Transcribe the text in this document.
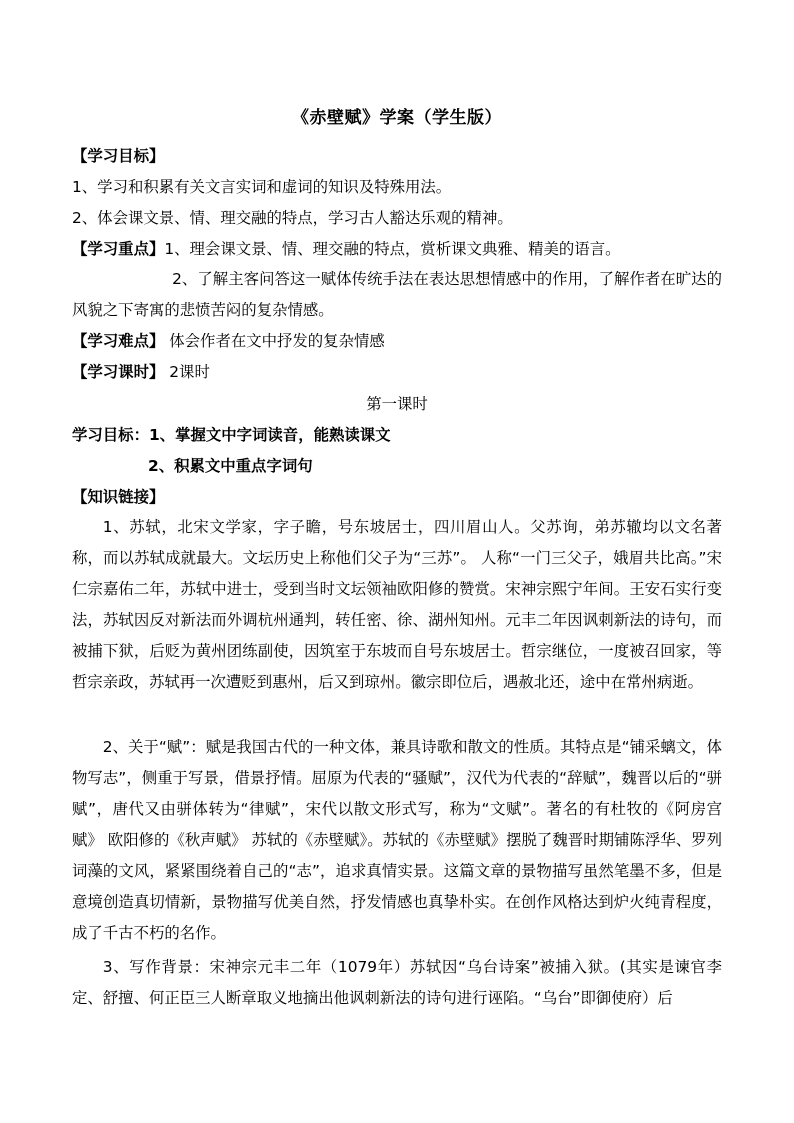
《赤壁赋》学案（学生版）
【学习目标】
1、学习和积累有关文言实词和虚词的知识及特殊用法。
2、体会课文景、情、理交融的特点，学习古人豁达乐观的精神。
【学习重点】1、理会课文景、情、理交融的特点，赏析课文典雅、精美的语言。
2、了解主客问答这一赋体传统手法在表达思想情感中的作用，了解作者在旷达的风貌之下寄寓的悲愤苦闷的复杂情感。
【学习难点】 体会作者在文中抒发的复杂情感
【学习课时】 2课时
第一课时
学习目标：1、掌握文中字词读音，能熟读课文
2、积累文中重点字词句
【知识链接】
1、苏轼，北宋文学家，字子瞻，号东坡居士，四川眉山人。父苏询，弟苏辙均以文名著称，而以苏轼成就最大。文坛历史上称他们父子为“三苏”。 人称“一门三父子，娥眉共比高。”宋仁宗嘉佑二年，苏轼中进士，受到当时文坛领袖欧阳修的赞赏。宋神宗熙宁年间。王安石实行变法，苏轼因反对新法而外调杭州通判，转任密、徐、湖州知州。元丰二年因讽刺新法的诗句，而被捕下狱，后贬为黄州团练副使，因筑室于东坡而自号东坡居士。哲宗继位，一度被召回家，等哲宗亲政，苏轼再一次遭贬到惠州，后又到琼州。徽宗即位后，遇赦北还，途中在常州病逝。
2、关于“赋”：赋是我国古代的一种文体，兼具诗歌和散文的性质。其特点是“铺采螭文，体物写志”，侧重于写景，借景抒情。屈原为代表的“骚赋”，汉代为代表的“辞赋”，魏晋以后的“骈赋”，唐代又由骈体转为“律赋”，宋代以散文形式写，称为“文赋”。著名的有杜牧的《阿房宫赋》 欧阳修的《秋声赋》 苏轼的《赤壁赋》。苏轼的《赤壁赋》摆脱了魏晋时期铺陈浮华、罗列词藻的文风，紧紧围绕着自己的“志”，追求真情实景。这篇文章的景物描写虽然笔墨不多，但是意境创造真切情新，景物描写优美自然，抒发情感也真挚朴实。在创作风格达到炉火纯青程度，成了千古不朽的名作。
3、写作背景：宋神宗元丰二年（1079年）苏轼因“乌台诗案”被捕入狱。(其实是谏官李定、舒擅、何正臣三人断章取义地摘出他讽刺新法的诗句进行诬陷。“乌台”即御使府）后
